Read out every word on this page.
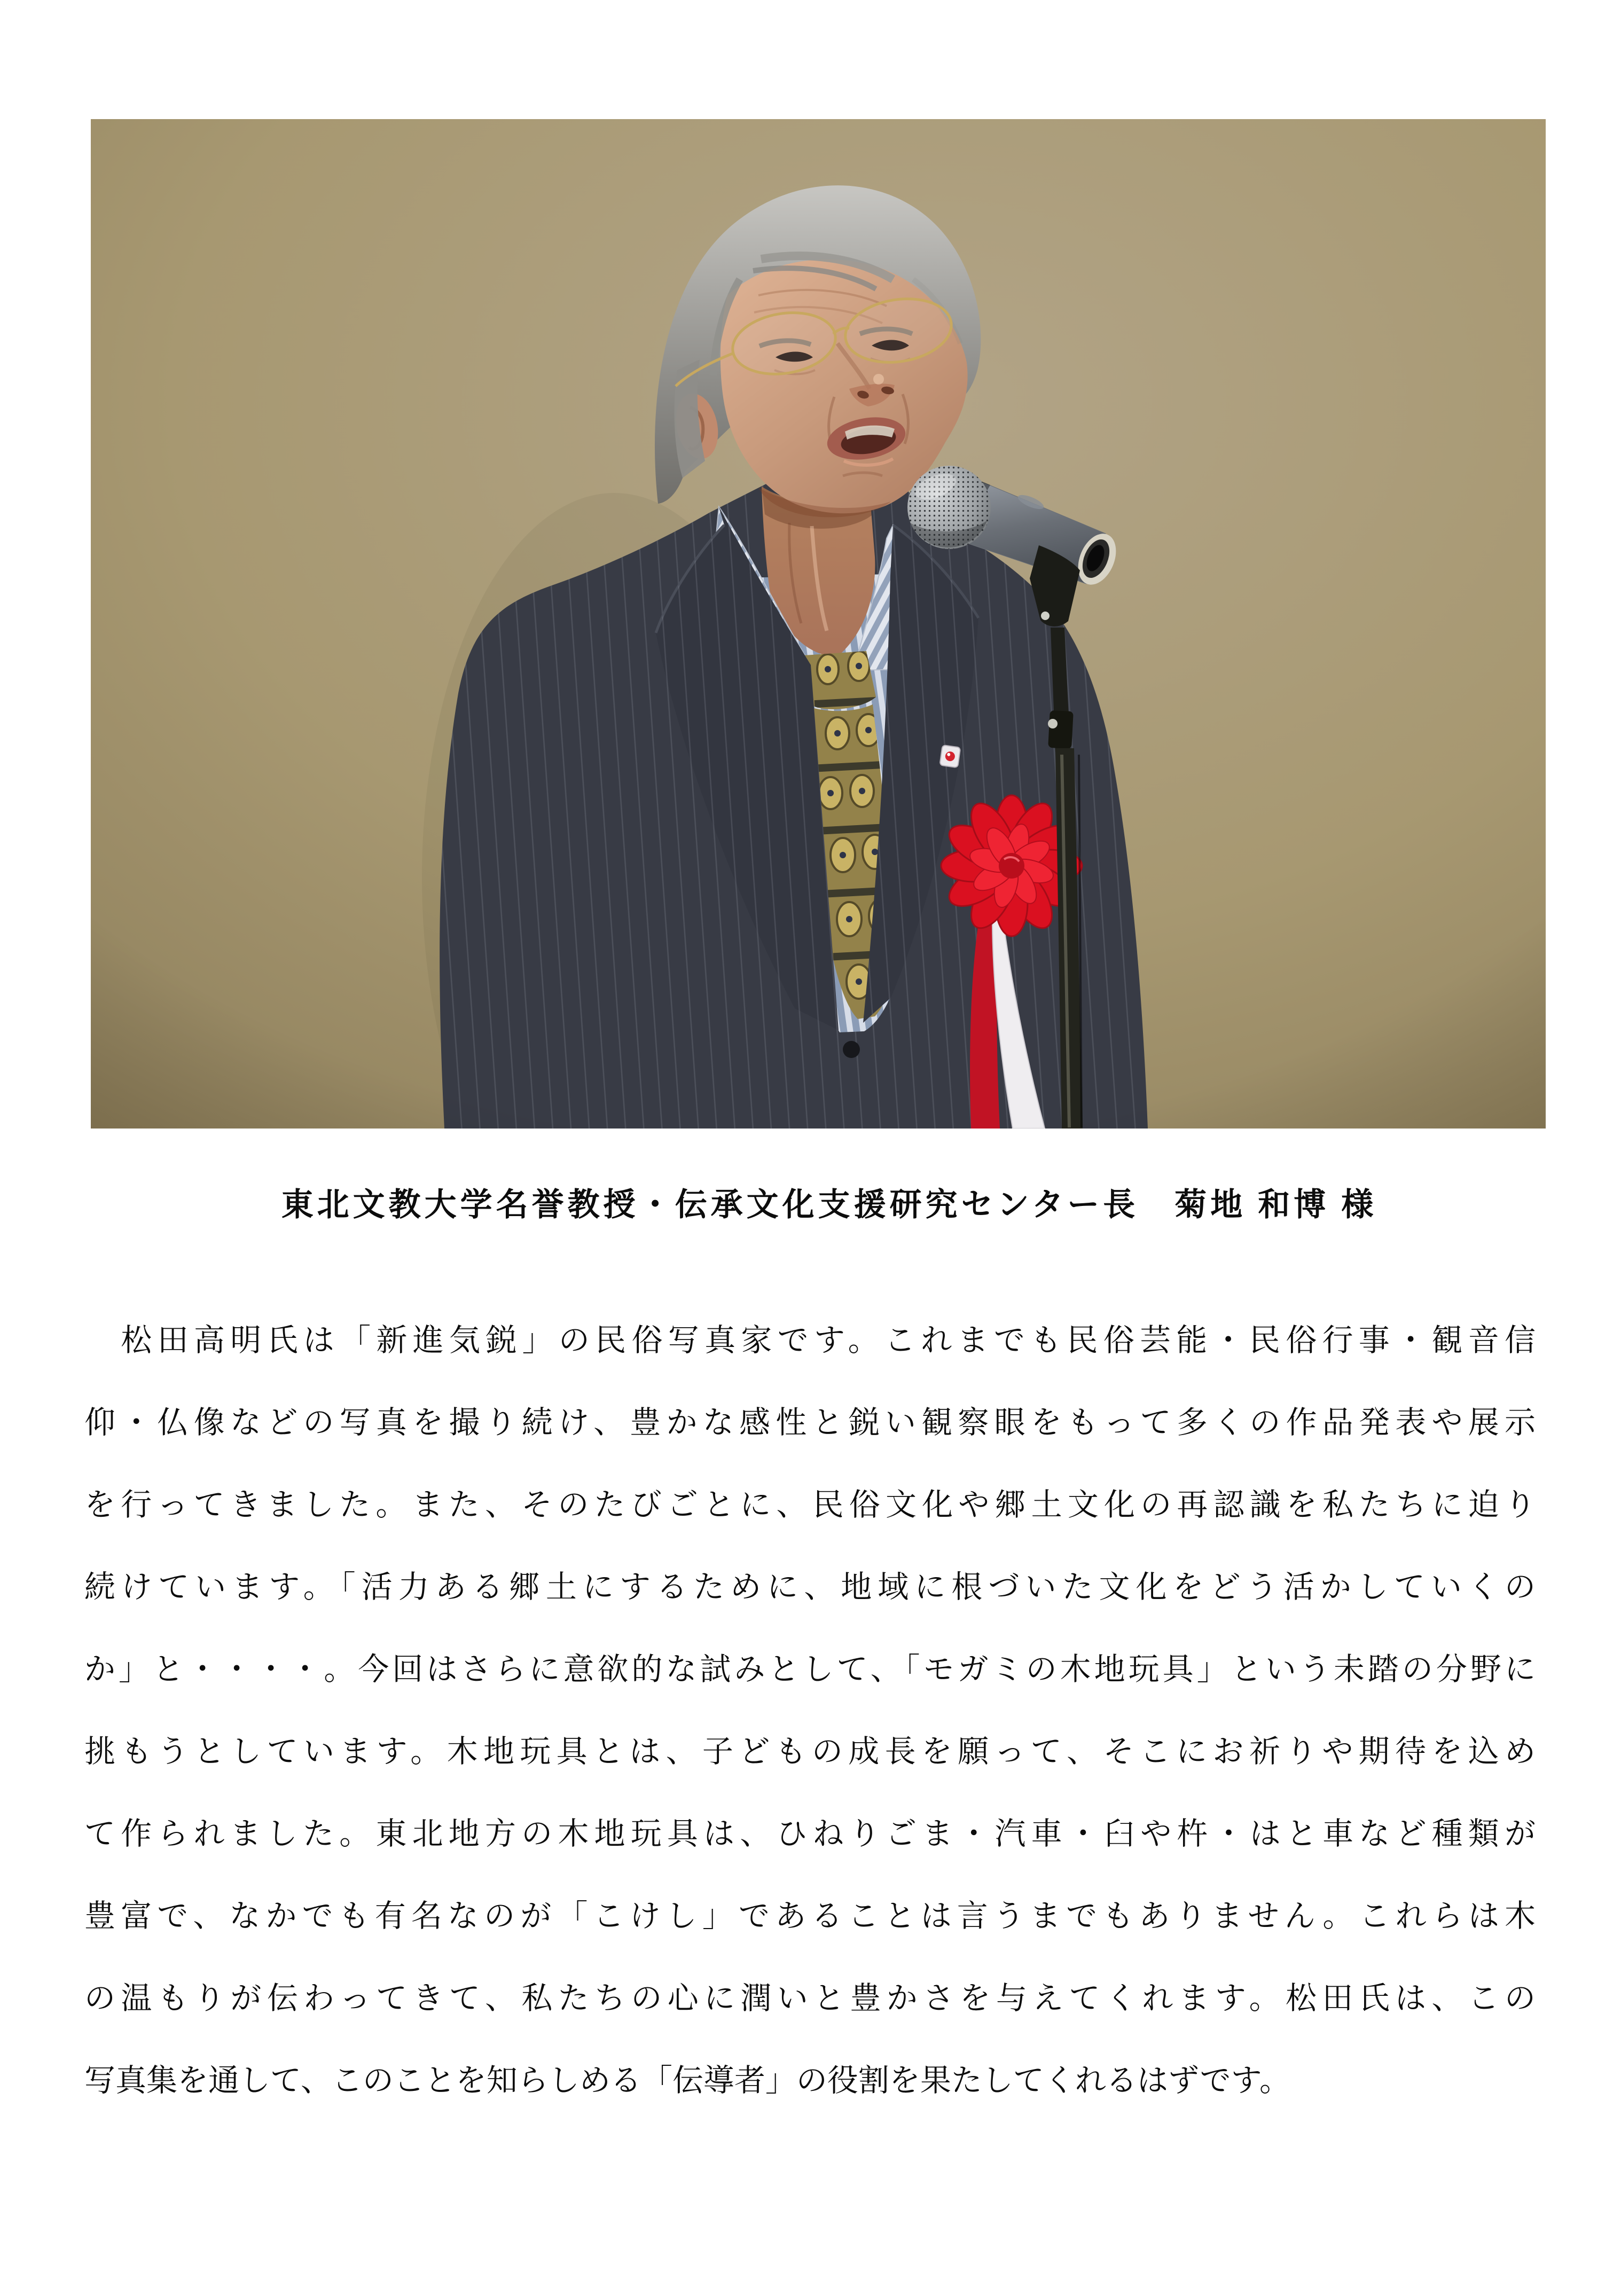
東北文教大学名誉教授・伝承文化支援研究センター長　菊地 和博 様
　松田高明氏は「新進気鋭」の民俗写真家です。これまでも民俗芸能・民俗行事・観音信
仰・仏像などの写真を撮り続け、豊かな感性と鋭い観察眼をもって多くの作品発表や展示
を行ってきました。また、そのたびごとに、民俗文化や郷土文化の再認識を私たちに迫り
続けています。「活力ある郷土にするために、地域に根づいた文化をどう活かしていくの
か」と・・・・。今回はさらに意欲的な試みとして、「モガミの木地玩具」という未踏の分野に
挑もうとしています。木地玩具とは、子どもの成長を願って、そこにお祈りや期待を込め
て作られました。東北地方の木地玩具は、ひねりごま・汽車・臼や杵・はと車など種類が
豊富で、なかでも有名なのが「こけし」であることは言うまでもありません。これらは木
の温もりが伝わってきて、私たちの心に潤いと豊かさを与えてくれます。松田氏は、この
写真集を通して、このことを知らしめる「伝導者」の役割を果たしてくれるはずです。
